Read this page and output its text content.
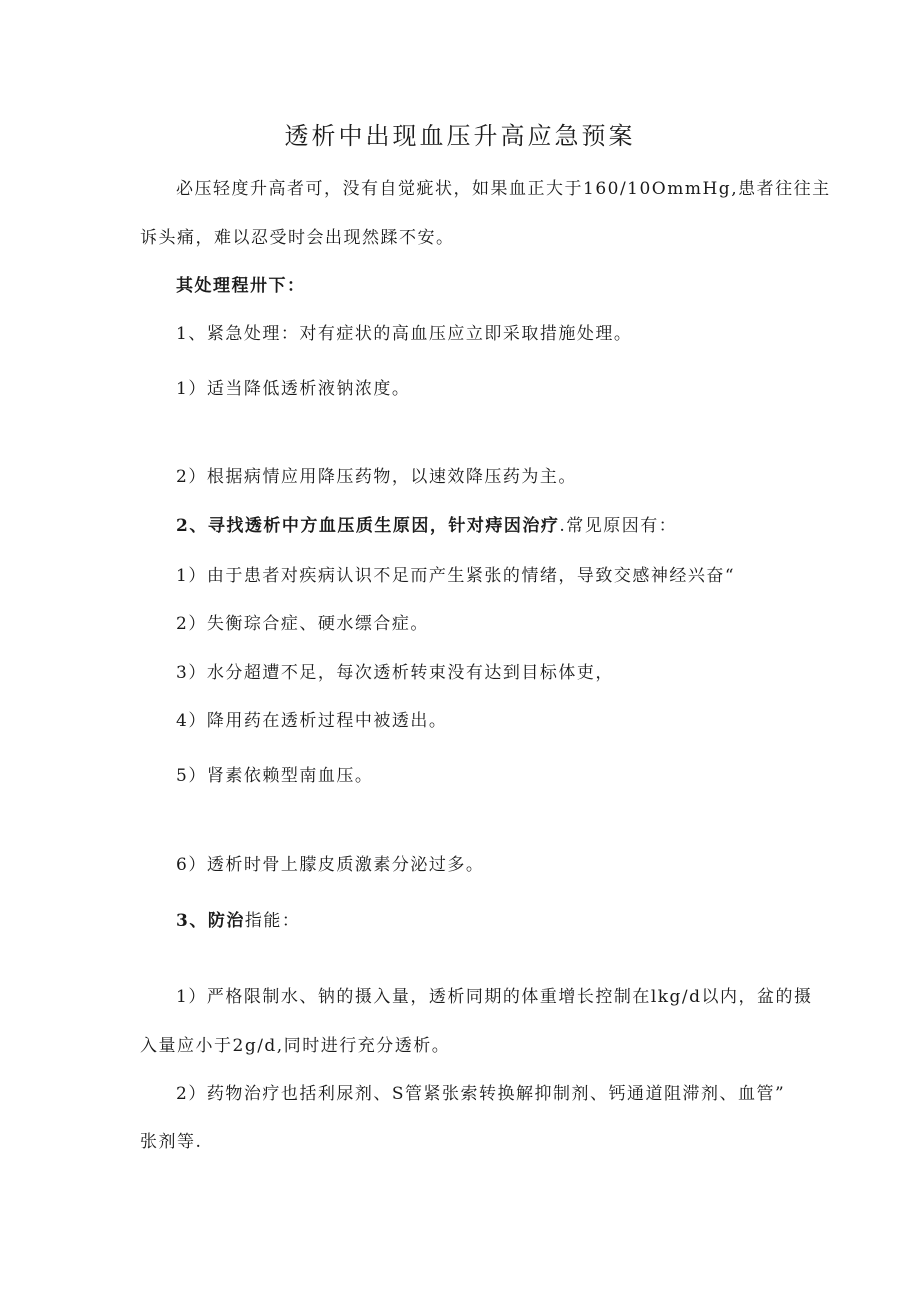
透析中出现血压升高应急预案
必压轻度升高者可，没有自觉疵状，如果血正大于160/10OmmHg,患者往往主
诉头痛，难以忍受时会出现然蹂不安。
其处理程卅下：
1、紧急处理：对有症状的高血压应立即采取措施处理。
1）适当降低透析液钠浓度。
2）根据病情应用降压药物，以速效降压药为主。
2、寻找透析中方血压质生原因，针对痔因治疗.常见原因有：
1）由于患者对疾病认识不足而产生紧张的情绪，导致交感神经兴奋“
2）失衡琮合症、硬水缥合症。
3）水分超遭不足，每次透析转束没有达到目标体吏，
4）降用药在透析过程中被透出。
5）肾素依赖型南血压。
6）透析时骨上朦皮质激素分泌过多。
3、防治指能：
1）严格限制水、钠的摄入量，透析同期的体重增长控制在lkg∕d以内，盆的摄
入量应小于2g∕d,同时进行充分透析。
2）药物治疗也括利尿剂、S管紧张索转换解抑制剂、钙通道阻滞剂、血管”
张剂等.
